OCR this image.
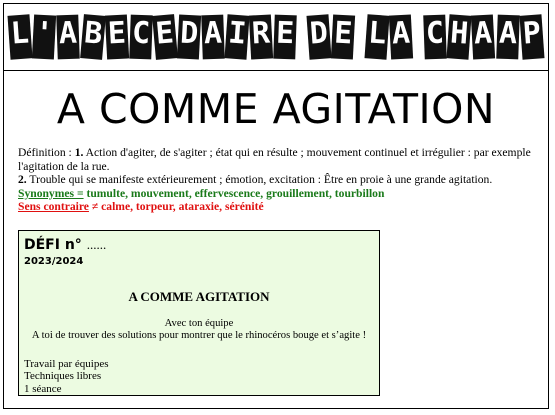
L ' A B E C E D A I R E D E L A C H A A P
A COMME AGITATION

Définition : 1. Action d'agiter, de s'agiter ; état qui en résulte ; mouvement continuel et irrégulier : par exemple l'agitation de la rue.

2. Trouble qui se manifeste extérieurement ; émotion, excitation : Être en proie à une grande agitation.

Synonymes = tumulte, mouvement, effervescence, grouillement, tourbillon

Sens contraire ≠ calme, torpeur, ataraxie, sérénité

DÉFI n° ......
2023/2024
A COMME AGITATION
Avec ton équipe
A toi de trouver des solutions pour montrer que le rhinocéros bouge et s’agite !
Travail par équipes
Techniques libres
1 séance
